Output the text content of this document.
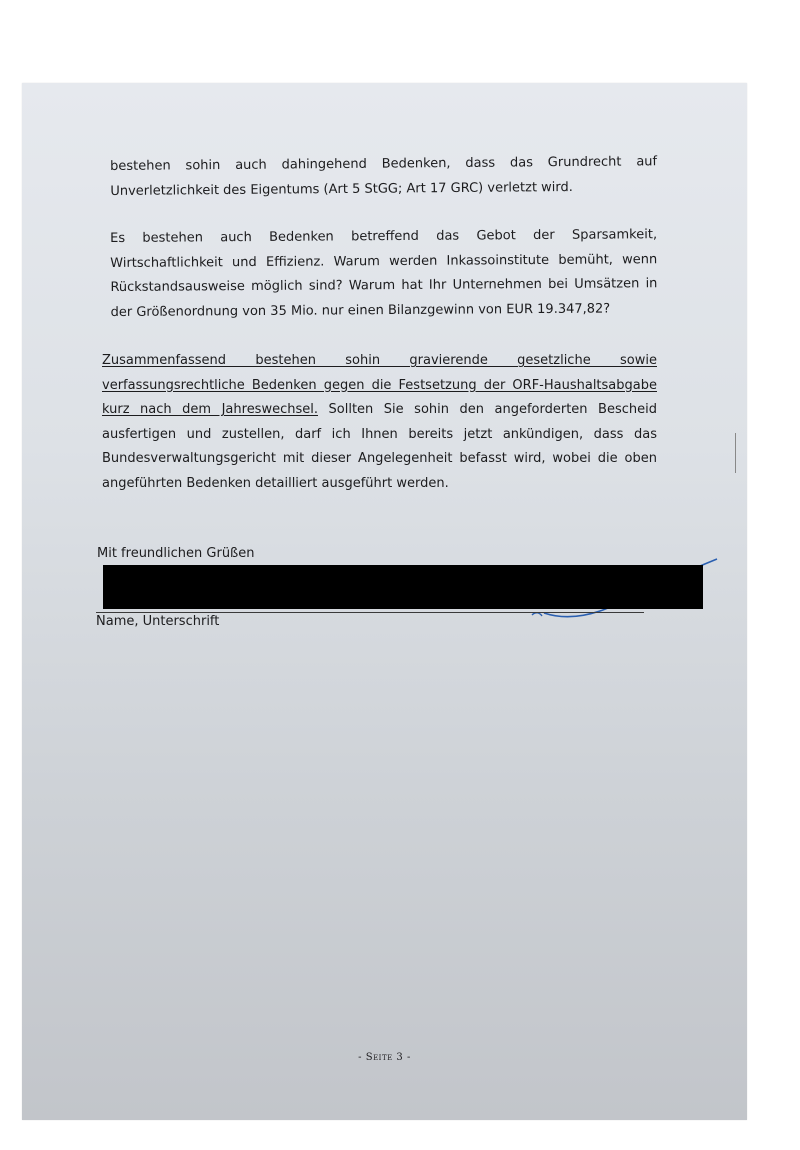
bestehen sohin auch dahingehend Bedenken, dass das Grundrecht auf Unverletzlichkeit des Eigentums (Art 5 StGG; Art 17 GRC) verletzt wird.

Es bestehen auch Bedenken betreffend das Gebot der Sparsamkeit, Wirtschaftlichkeit und Effizienz. Warum werden Inkassoinstitute bemüht, wenn Rückstandsausweise möglich sind? Warum hat Ihr Unternehmen bei Umsätzen in der Größenordnung von 35 Mio. nur einen Bilanzgewinn von EUR 19.347,82?

Zusammenfassend bestehen sohin gravierende gesetzliche sowie verfassungsrechtliche Bedenken gegen die Festsetzung der ORF-Haushaltsabgabe kurz nach dem Jahreswechsel. Sollten Sie sohin den angeforderten Bescheid ausfertigen und zustellen, darf ich Ihnen bereits jetzt ankündigen, dass das Bundesverwaltungsgericht mit dieser Angelegenheit befasst wird, wobei die oben angeführten Bedenken detailliert ausgeführt werden.

Mit freundlichen Grüßen
Name, Unterschrift
- Seite 3 -
